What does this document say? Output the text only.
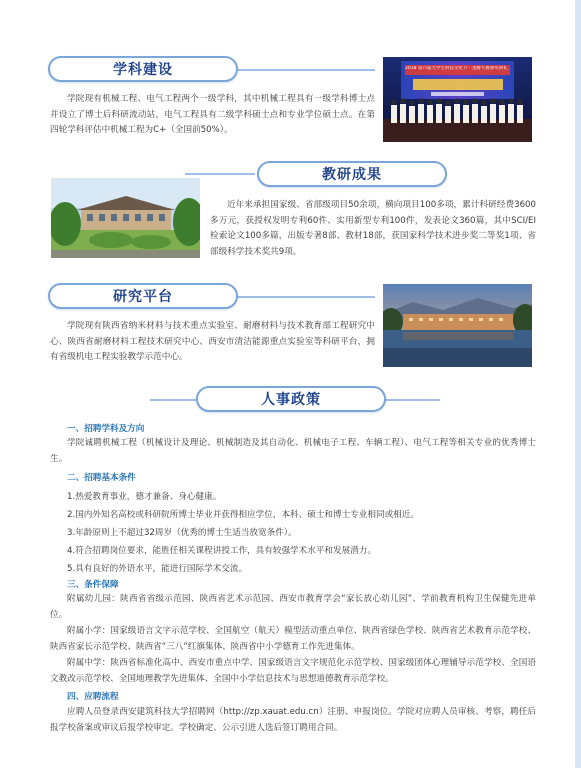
学科建设

学院现有机械工程、电气工程两个一级学科，其中机械工程具有一级学科博士点并设立了博士后科研流动站，电气工程具有二级学科硕士点和专业学位硕士点。在第四轮学科评估中机械工程为C+（全国前50%）。

2018 第六届大学生科技文化节 · 龙腾大赛颁奖典礼
教研成果

近年来承担国家级、省部级项目50余项，横向项目100多项，累计科研经费3600多万元，获授权发明专利60件、实用新型专利100件，发表论文360篇，其中SCI/EI检索论文100多篇，出版专著8部、教材18部，获国家科学技术进步奖二等奖1项、省部级科学技术奖共9项。

研究平台

学院现有陕西省纳米材料与技术重点实验室、耐磨材料与技术教育部工程研究中心、陕西省耐磨材料工程技术研究中心、西安市清洁能源重点实验室等科研平台，拥有省级机电工程实验教学示范中心。

人事政策
一、招聘学科及方向

学院诚聘机械工程（机械设计及理论、机械制造及其自动化、机械电子工程、车辆工程）、电气工程等相关专业的优秀博士生。

二、招聘基本条件
1.热爱教育事业，德才兼备、身心健康。
2.国内外知名高校或科研院所博士毕业并获得相应学位，本科、硕士和博士专业相同或相近。
3.年龄原则上不超过32周岁（优秀的博士生适当放宽条件）。
4.符合招聘岗位要求，能胜任相关课程讲授工作，具有较强学术水平和发展潜力。
5.具有良好的外语水平，能进行国际学术交流。
三、条件保障

附属幼儿园：陕西省省级示范园、陕西省艺术示范园、西安市教育学会“家长放心幼儿园”、学前教育机构卫生保健先进单位。

附属小学：国家级语言文字示范学校、全国航空（航天）模型活动重点单位、陕西省绿色学校、陕西省艺术教育示范学校、陕西省家长示范学校、陕西省“三八”红旗集体、陕西省中小学德育工作先进集体。

附属中学：陕西省标准化高中、西安市重点中学、国家级语言文字规范化示范学校、国家级团体心理辅导示范学校、全国语文教改示范学校、全国地理教学先进集体、全国中小学信息技术与思想道德教育示范学校。

四、应聘流程

应聘人员登录西安建筑科技大学招聘网（http://zp.xauat.edu.cn）注册、申报岗位。学院对应聘人员审核、考察，聘任后报学校备案或审议后报学校审定。学校确定、公示引进人选后签订聘用合同。
